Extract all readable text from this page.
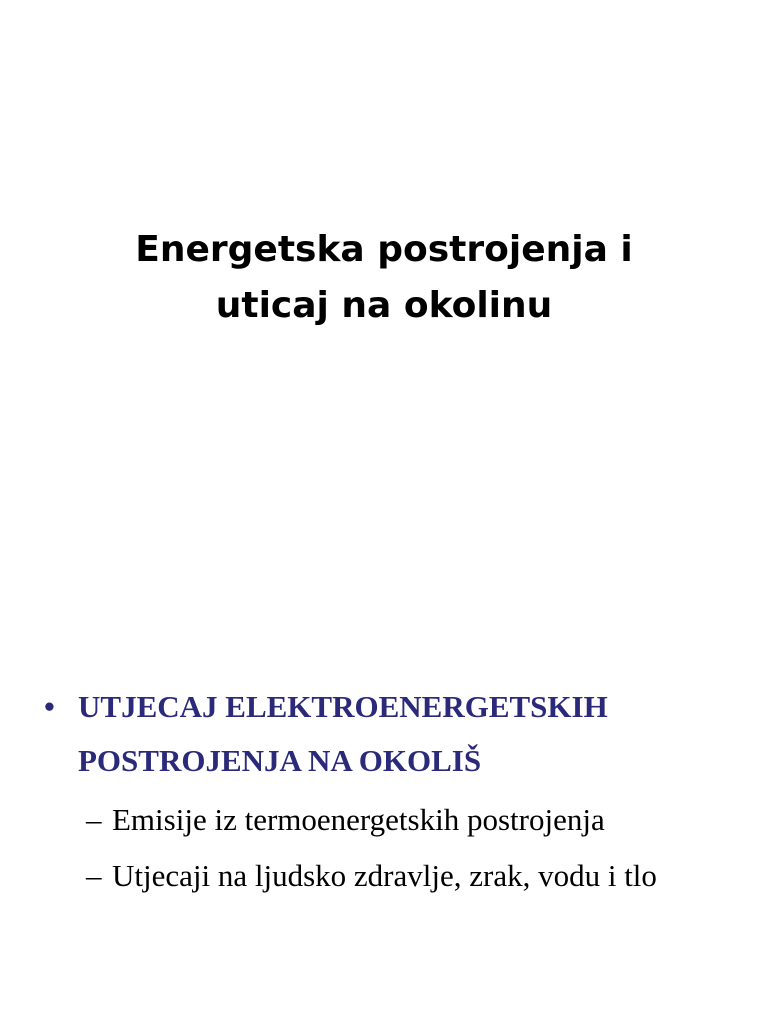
Energetska postrojenja i
uticaj na okolinu
• UTJECAJ ELEKTROENERGETSKIH
POSTROJENJA NA OKOLIŠ
– Emisije iz termoenergetskih postrojenja
– Utjecaji na ljudsko zdravlje, zrak, vodu i tlo
